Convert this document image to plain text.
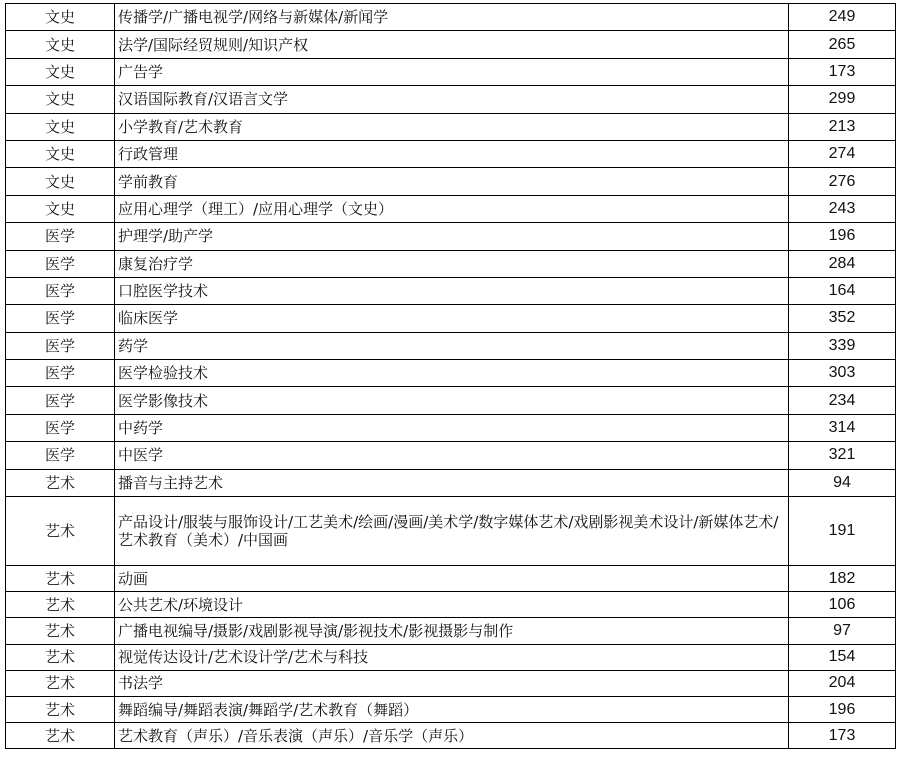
文史	传播学/广播电视学/网络与新媒体/新闻学	249
文史	法学/国际经贸规则/知识产权	265
文史	广告学	173
文史	汉语国际教育/汉语言文学	299
文史	小学教育/艺术教育	213
文史	行政管理	274
文史	学前教育	276
文史	应用心理学（理工）/应用心理学（文史）	243
医学	护理学/助产学	196
医学	康复治疗学	284
医学	口腔医学技术	164
医学	临床医学	352
医学	药学	339
医学	医学检验技术	303
医学	医学影像技术	234
医学	中药学	314
医学	中医学	321
艺术	播音与主持艺术	94
艺术	产品设计/服装与服饰设计/工艺美术/绘画/漫画/美术学/数字媒体艺术/戏剧影视美术设计/新媒体艺术/艺术教育（美术）/中国画	191
艺术	动画	182
艺术	公共艺术/环境设计	106
艺术	广播电视编导/摄影/戏剧影视导演/影视技术/影视摄影与制作	97
艺术	视觉传达设计/艺术设计学/艺术与科技	154
艺术	书法学	204
艺术	舞蹈编导/舞蹈表演/舞蹈学/艺术教育（舞蹈）	196
艺术	艺术教育（声乐）/音乐表演（声乐）/音乐学（声乐）	173
